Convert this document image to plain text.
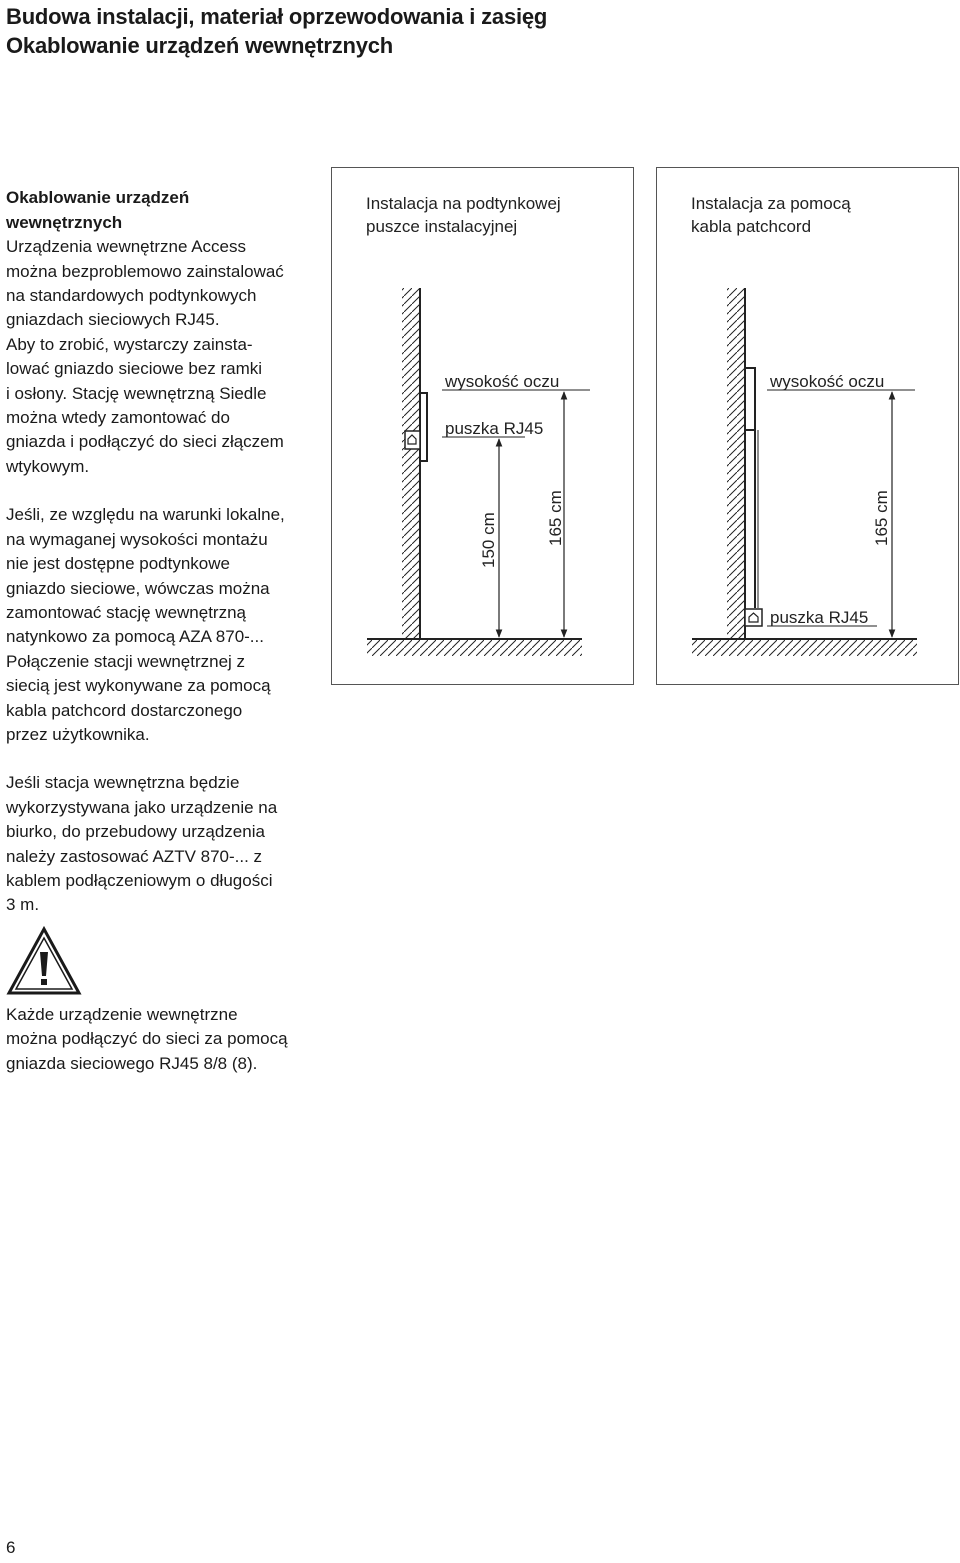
Budowa instalacji, materiał oprzewodowania i zasięg

Okablowanie urządzeń wewnętrznych

Okablowanie urządzeń
wewnętrznych
Urządzenia wewnętrzne Access
można bezproblemowo zainstalować
na standardowych podtynkowych
gniazdach sieciowych RJ45.
Aby to zrobić, wystarczy zainsta-
lować gniazdo sieciowe bez ramki
i osłony. Stację wewnętrzną Siedle
można wtedy zamontować do
gniazda i podłączyć do sieci złączem
wtykowym.

Jeśli, ze względu na warunki lokalne,
na wymaganej wysokości montażu
nie jest dostępne podtynkowe
gniazdo sieciowe, wówczas można
zamontować stację wewnętrzną
natynkowo za pomocą AZA 870-...
Połączenie stacji wewnętrznej z
siecią jest wykonywane za pomocą
kabla patchcord dostarczonego
przez użytkownika.

Jeśli stacja wewnętrzna będzie
wykorzystywana jako urządzenie na
biurko, do przebudowy urządzenia
należy zastosować AZTV 870-... z
kablem podłączeniowym o długości
3 m.

Każde urządzenie wewnętrzne
można podłączyć do sieci za pomocą
gniazda sieciowego RJ45 8/8 (8).

Instalacja na podtynkowej
puszce instalacyjnej
wysokość oczu
puszka RJ45
150 cm	165 cm
Instalacja za pomocą
kabla patchcord
wysokość oczu
puszka RJ45
165 cm
6
